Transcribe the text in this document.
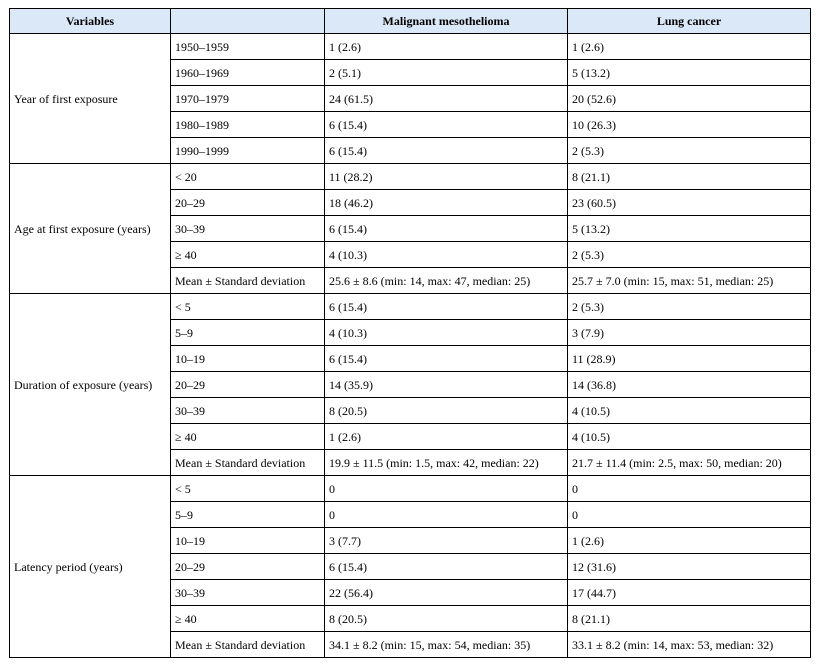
Variables		Malignant mesothelioma	Lung cancer
Year of first exposure	1950–1959	1 (2.6)	1 (2.6)
	1960–1969	2 (5.1)	5 (13.2)
	1970–1979	24 (61.5)	20 (52.6)
	1980–1989	6 (15.4)	10 (26.3)
	1990–1999	6 (15.4)	2 (5.3)
Age at first exposure (years)	< 20	11 (28.2)	8 (21.1)
	20–29	18 (46.2)	23 (60.5)
	30–39	6 (15.4)	5 (13.2)
	≥ 40	4 (10.3)	2 (5.3)
	Mean ± Standard deviation	25.6 ± 8.6 (min: 14, max: 47, median: 25)	25.7 ± 7.0 (min: 15, max: 51, median: 25)
Duration of exposure (years)	< 5	6 (15.4)	2 (5.3)
	5–9	4 (10.3)	3 (7.9)
	10–19	6 (15.4)	11 (28.9)
	20–29	14 (35.9)	14 (36.8)
	30–39	8 (20.5)	4 (10.5)
	≥ 40	1 (2.6)	4 (10.5)
	Mean ± Standard deviation	19.9 ± 11.5 (min: 1.5, max: 42, median: 22)	21.7 ± 11.4 (min: 2.5, max: 50, median: 20)
Latency period (years)	< 5	0	0
	5–9	0	0
	10–19	3 (7.7)	1 (2.6)
	20–29	6 (15.4)	12 (31.6)
	30–39	22 (56.4)	17 (44.7)
	≥ 40	8 (20.5)	8 (21.1)
	Mean ± Standard deviation	34.1 ± 8.2 (min: 15, max: 54, median: 35)	33.1 ± 8.2 (min: 14, max: 53, median: 32)
